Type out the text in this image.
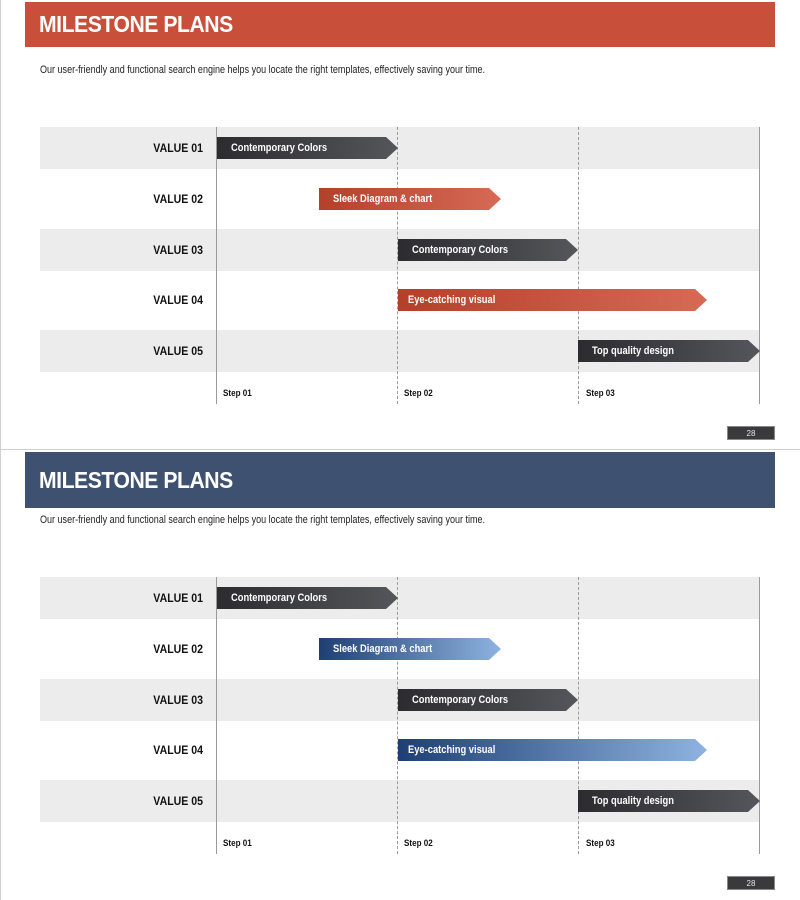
MILESTONE PLANS
Our user-friendly and functional search engine helps you locate the right templates, effectively saving your time.
VALUE 01
VALUE 02
VALUE 03
VALUE 04
VALUE 05
Contemporary Colors
Sleek Diagram & chart
Contemporary Colors
Eye-catching visual
Top quality design
Step 01	Step 02	Step 03
28
MILESTONE PLANS
Our user-friendly and functional search engine helps you locate the right templates, effectively saving your time.
VALUE 01
VALUE 02
VALUE 03
VALUE 04
VALUE 05
Contemporary Colors
Sleek Diagram & chart
Contemporary Colors
Eye-catching visual
Top quality design
Step 01	Step 02	Step 03
28
